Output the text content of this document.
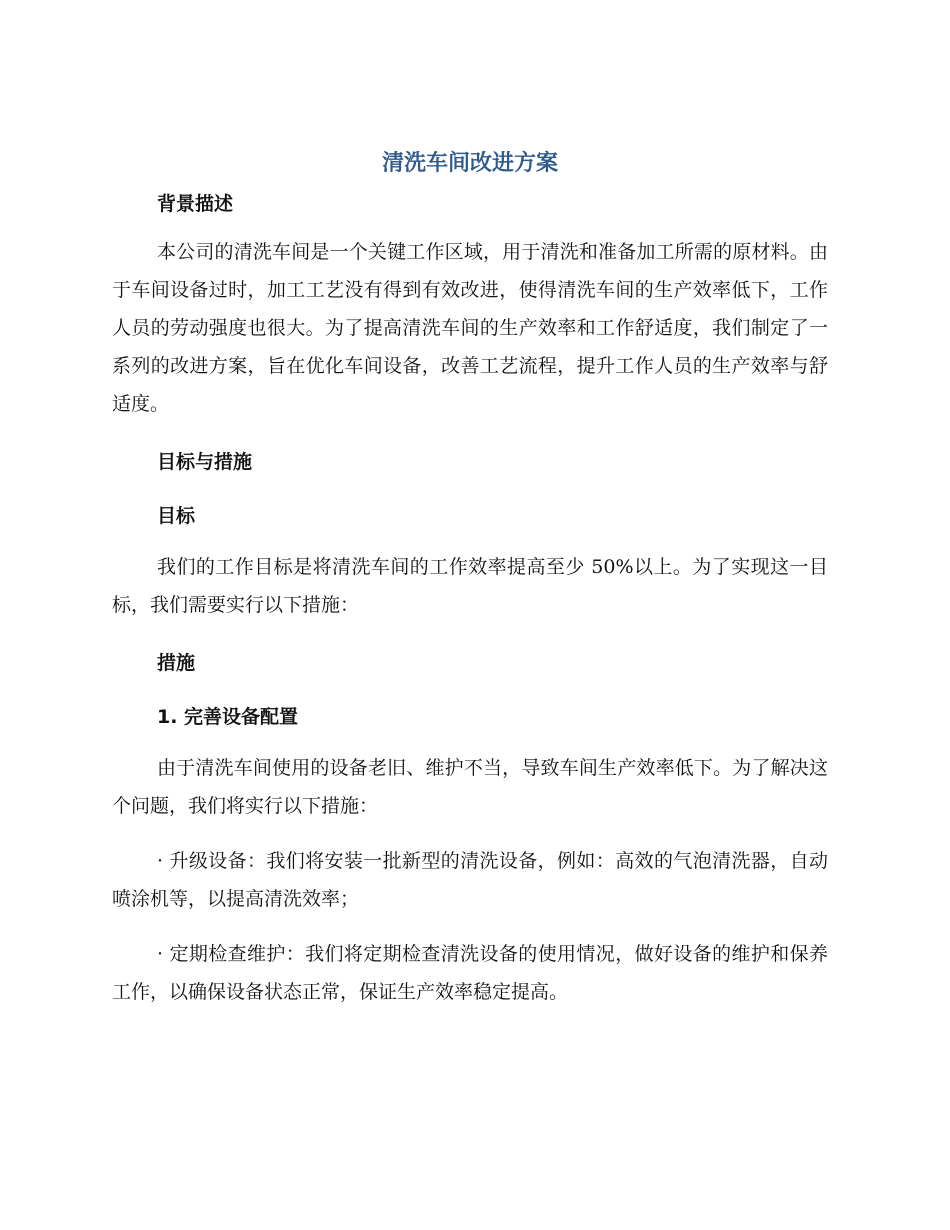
清洗车间改进方案
背景描述

本公司的清洗车间是一个关键工作区域，用于清洗和准备加工所需的原材料。由于车间设备过时，加工工艺没有得到有效改进，使得清洗车间的生产效率低下，工作人员的劳动强度也很大。为了提高清洗车间的生产效率和工作舒适度，我们制定了一系列的改进方案，旨在优化车间设备，改善工艺流程，提升工作人员的生产效率与舒适度。

目标与措施
目标

我们的工作目标是将清洗车间的工作效率提高至少 50%以上。为了实现这一目标，我们需要实行以下措施：

措施
1. 完善设备配置

由于清洗车间使用的设备老旧、维护不当，导致车间生产效率低下。为了解决这个问题，我们将实行以下措施：

· 升级设备：我们将安装一批新型的清洗设备，例如：高效的气泡清洗器，自动喷涂机等，以提高清洗效率；

· 定期检查维护：我们将定期检查清洗设备的使用情况，做好设备的维护和保养工作，以确保设备状态正常，保证生产效率稳定提高。
